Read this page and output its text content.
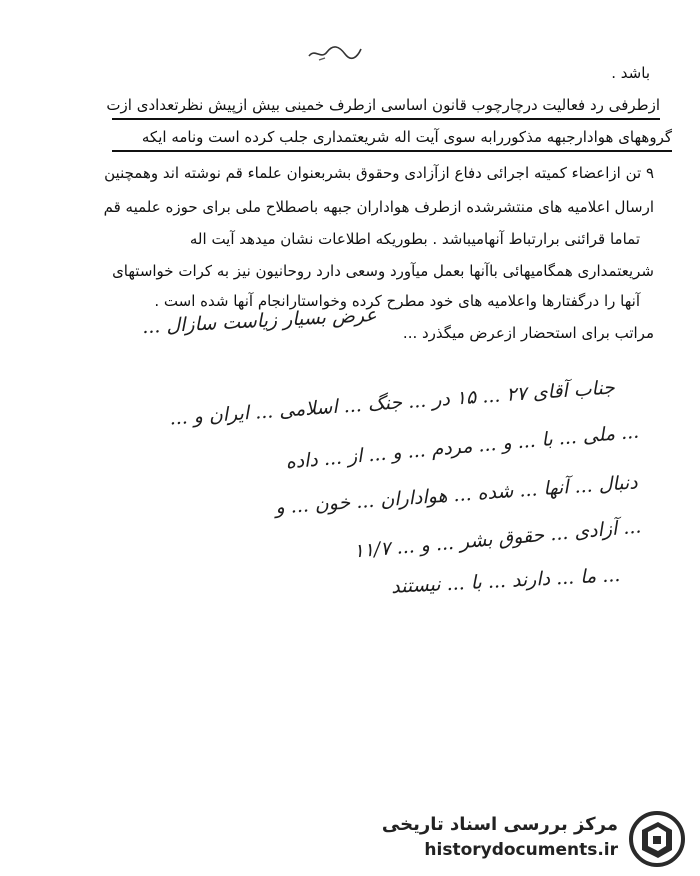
باشد .
ازطرفی رد فعالیت درچارچوب قانون اساسی ازطرف خمینی بیش ازپیش نظرتعدادی ازت
گروههای هوادارجبهه مذکوررابه سوی آیت اله شریعتمداری جلب کرده است ونامه ایکه
۹ تن ازاعضاء کمیته اجرائی دفاع ازآزادی وحقوق بشربعنوان علماء قم نوشته اند وهمچنین
ارسال اعلامیه های منتشرشده ازطرف هواداران جبهه باصطلاح ملی برای حوزه علمیه قم
تماما قرائنی برارتباط آنهامیباشد . بطوریکه اطلاعات نشان میدهد آیت اله
شریعتمداری همگامیهائی باآنها بعمل میآورد وسعی دارد روحانیون نیز به کرات خواستهای
آنها را درگفتارها واعلامیه های خود مطرح کرده وخواستارانجام آنها شده است .
مراتب برای استحضار ازعرض میگذرد ...
عرض بسیار زیاست سازال ...
جناب آقای ۲۷ ... ۱۵ در ... جنگ ... اسلامی ... ایران و ...
... ملی ... با ... و ... مردم ... و ... از ... داده
دنبال ... آنها ... شده ... هواداران ... خون ... و
... آزادی ... حقوق بشر ... و ... ۱۱/۷
... ما ... دارند ... با ... نیستند
مرکز بررسی اسناد تاریخی
historydocuments.ir
